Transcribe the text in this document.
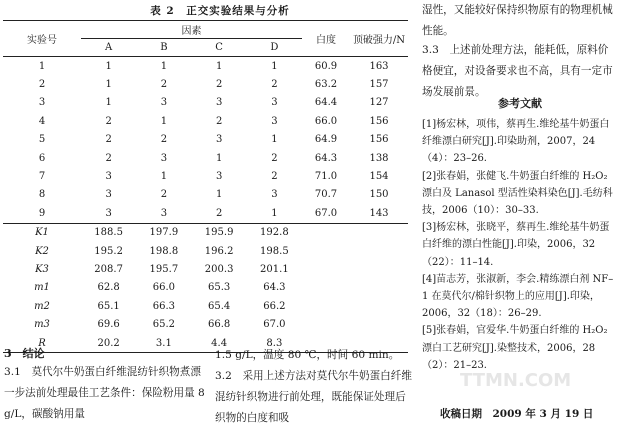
表 2　正交实验结果与分析
实验号	因素				白度	顶破强力/N
	A	B	C	D		
1	1	1	1	1	60.9	163
2	1	2	2	2	63.2	157
3	1	3	3	3	64.4	127
4	2	1	2	3	66.0	156
5	2	2	3	1	64.9	156
6	2	3	1	2	64.3	138
7	3	1	3	2	71.0	154
8	3	2	1	3	70.7	150
9	3	3	2	1	67.0	143
K1	188.5	197.9	195.9	192.8		
K2	195.2	198.8	196.2	198.5		
K3	208.7	195.7	200.3	201.1		
m1	62.8	66.0	65.3	64.3		
m2	65.1	66.3	65.4	66.2		
m3	69.6	65.2	66.8	67.0		
R	20.2	3.1	4.4	8.3		
3　结论
3.1　莫代尔牛奶蛋白纤维混纺针织物煮漂一步法前处理最佳工艺条件：保险粉用量 8 g/L，碳酸钠用量
1.5 g/L，温度 80 ℃，时间 60 min。3.2　采用上述方法对莫代尔牛奶蛋白纤维混纺针织物进行前处理，既能保证处理后织物的白度和吸
湿性，又能较好保持织物原有的物理机械性能。
3.3　上述前处理方法，能耗低，原料价格便宜，对设备要求也不高，具有一定市场发展前景。
参考文献

[1]杨宏林，项伟，蔡再生.维纶基牛奶蛋白纤维漂白研究[J].印染助剂，2007，24（4）：23–26.

[2]张春娟，张健飞.牛奶蛋白纤维的 H₂O₂ 漂白及 Lanasol 型活性染料染色[J].毛纺科技，2006（10）：30–33.

[3]杨宏林，张晓平，蔡再生.维纶基牛奶蛋白纤维的漂白性能[J].印染，2006，32（22）：11–14.

[4]苗志芳，张淑新，李会.精练漂白剂 NF–1 在莫代尔/棉针织物上的应用[J].印染，2006，32（18）：26–29.

[5]张春娟，官爱华.牛奶蛋白纤维的 H₂O₂ 漂白工艺研究[J].染整技术，2006，28（2）：21–23.

TTMN.COM
收稿日期　2009 年 3 月 19 日
